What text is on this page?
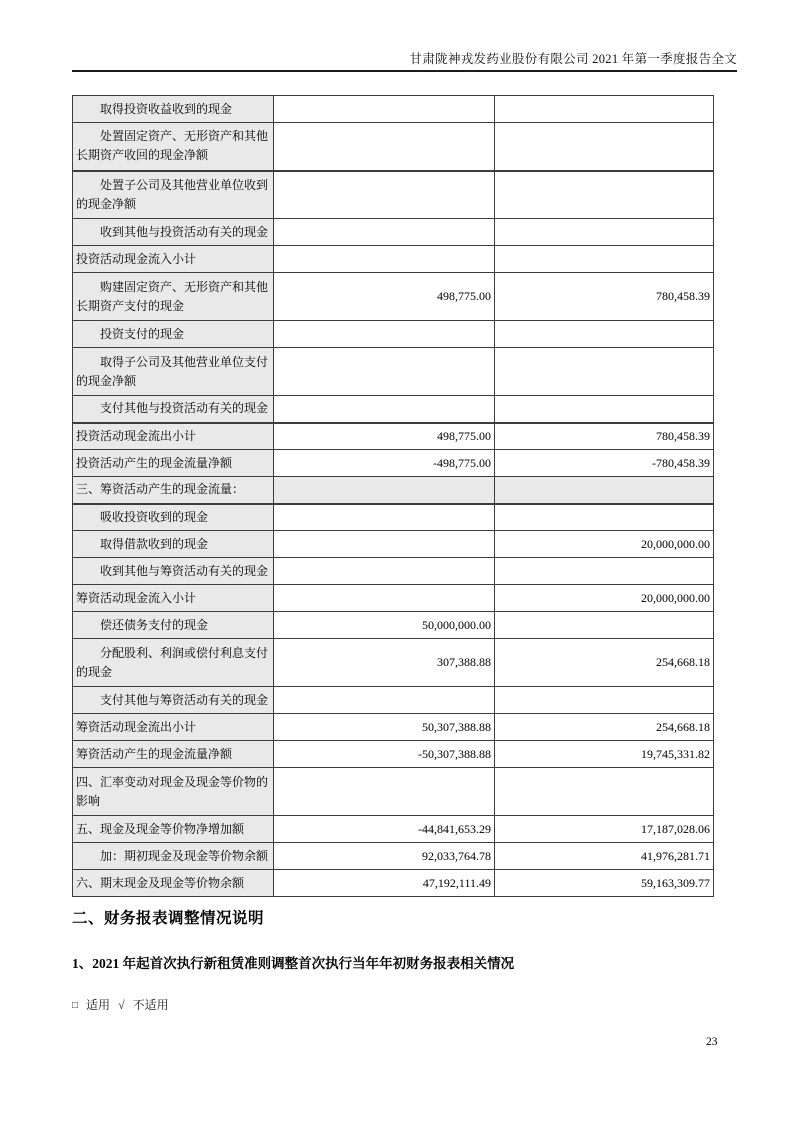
甘肃陇神戎发药业股份有限公司 2021 年第一季度报告全文
取得投资收益收到的现金		
处置固定资产、无形资产和其他长期资产收回的现金净额		
处置子公司及其他营业单位收到的现金净额		
收到其他与投资活动有关的现金		
投资活动现金流入小计		
购建固定资产、无形资产和其他长期资产支付的现金	498,775.00	780,458.39
投资支付的现金		
取得子公司及其他营业单位支付的现金净额		
支付其他与投资活动有关的现金		
投资活动现金流出小计	498,775.00	780,458.39
投资活动产生的现金流量净额	-498,775.00	-780,458.39
三、筹资活动产生的现金流量：		
吸收投资收到的现金		
取得借款收到的现金		20,000,000.00
收到其他与筹资活动有关的现金		
筹资活动现金流入小计		20,000,000.00
偿还债务支付的现金	50,000,000.00	
分配股利、利润或偿付利息支付的现金	307,388.88	254,668.18
支付其他与筹资活动有关的现金		
筹资活动现金流出小计	50,307,388.88	254,668.18
筹资活动产生的现金流量净额	-50,307,388.88	19,745,331.82
四、汇率变动对现金及现金等价物的影响		
五、现金及现金等价物净增加额	-44,841,653.29	17,187,028.06
加：期初现金及现金等价物余额	92,033,764.78	41,976,281.71
六、期末现金及现金等价物余额	47,192,111.49	59,163,309.77
二、财务报表调整情况说明
1、2021 年起首次执行新租赁准则调整首次执行当年年初财务报表相关情况
□ 适用 √ 不适用
23
